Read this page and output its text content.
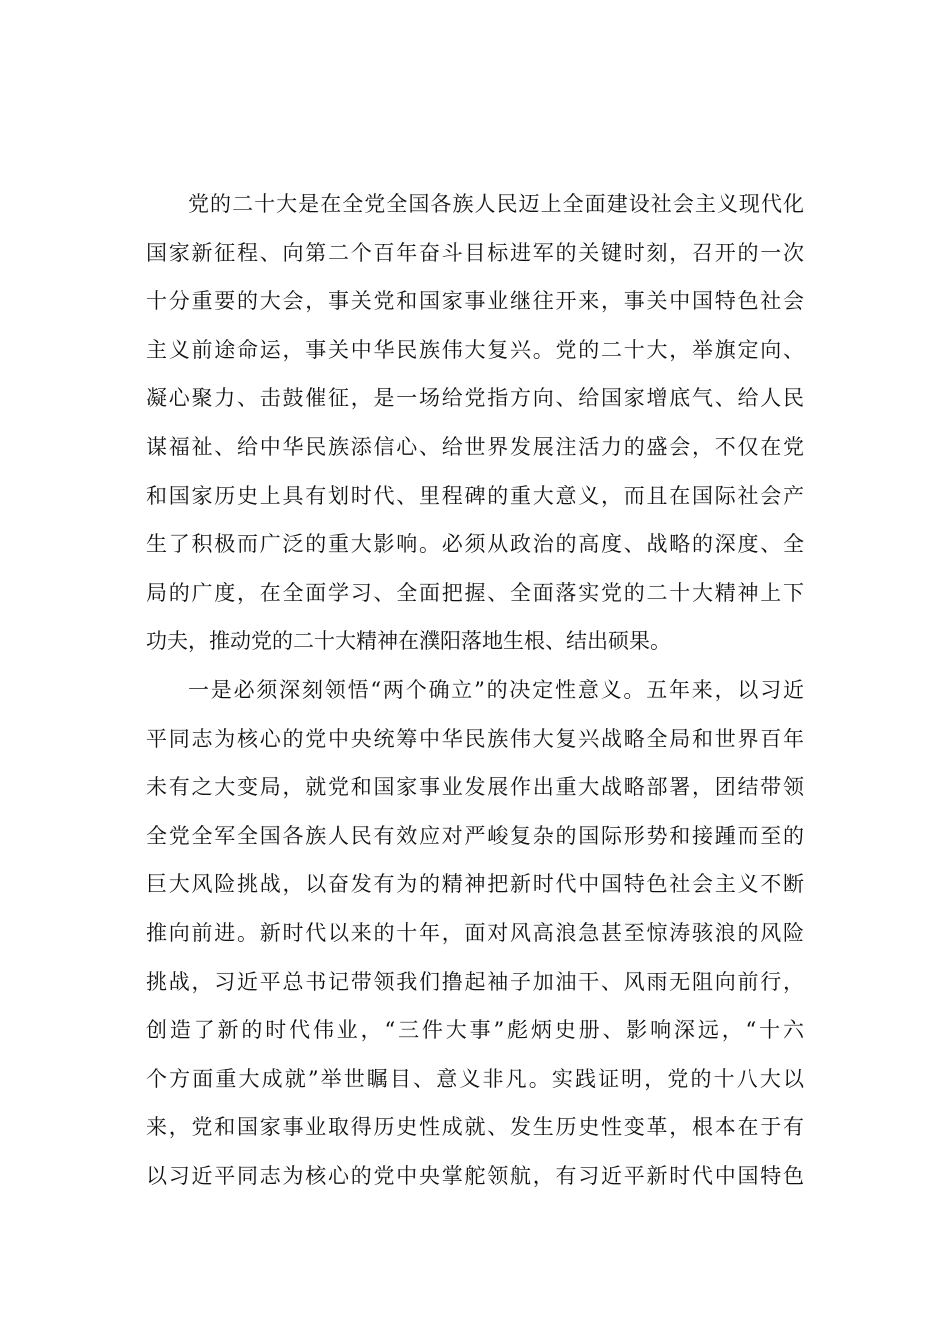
党的二十大是在全党全国各族人民迈上全面建设社会主义现代化
国家新征程、向第二个百年奋斗目标进军的关键时刻，召开的一次
十分重要的大会，事关党和国家事业继往开来，事关中国特色社会
主义前途命运，事关中华民族伟大复兴。党的二十大，举旗定向、
凝心聚力、击鼓催征，是一场给党指方向、给国家增底气、给人民
谋福祉、给中华民族添信心、给世界发展注活力的盛会，不仅在党
和国家历史上具有划时代、里程碑的重大意义，而且在国际社会产
生了积极而广泛的重大影响。必须从政治的高度、战略的深度、全
局的广度，在全面学习、全面把握、全面落实党的二十大精神上下
功夫，推动党的二十大精神在濮阳落地生根、结出硕果。
一是必须深刻领悟“两个确立”的决定性意义。五年来，以习近
平同志为核心的党中央统筹中华民族伟大复兴战略全局和世界百年
未有之大变局，就党和国家事业发展作出重大战略部署，团结带领
全党全军全国各族人民有效应对严峻复杂的国际形势和接踵而至的
巨大风险挑战，以奋发有为的精神把新时代中国特色社会主义不断
推向前进。新时代以来的十年，面对风高浪急甚至惊涛骇浪的风险
挑战，习近平总书记带领我们撸起袖子加油干、风雨无阻向前行，
创造了新的时代伟业，“三件大事”彪炳史册、影响深远，“十六
个方面重大成就”举世瞩目、意义非凡。实践证明，党的十八大以
来，党和国家事业取得历史性成就、发生历史性变革，根本在于有
以习近平同志为核心的党中央掌舵领航，有习近平新时代中国特色
